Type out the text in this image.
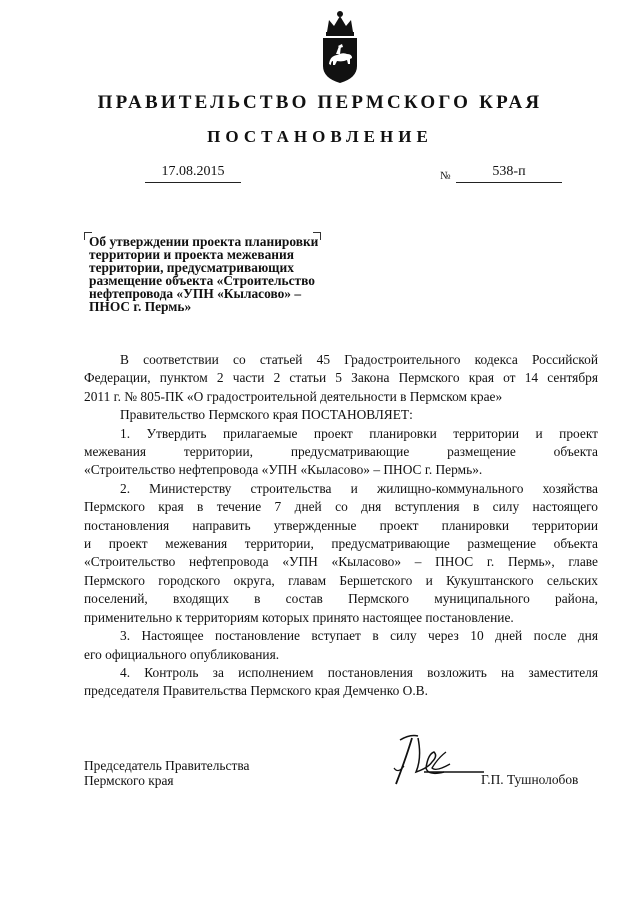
ПРАВИТЕЛЬСТВО ПЕРМСКОГО КРАЯ
ПОСТАНОВЛЕНИЕ
17.08.2015	№	538-п
Об утверждении проекта планировки
территории и проекта межевания
территории, предусматривающих
размещение объекта «Строительство
нефтепровода «УПН «Кыласово» –
ПНОС г. Пермь»

В соответствии со статьей 45 Градостроительного кодекса Российской

Федерации, пунктом 2 части 2 статьи 5 Закона Пермского края от 14 сентября

2011 г. № 805-ПК «О градостроительной деятельности в Пермском крае»

Правительство Пермского края ПОСТАНОВЛЯЕТ:

1. Утвердить прилагаемые проект планировки территории и проект

межевания территории, предусматривающие размещение объекта

«Строительство нефтепровода «УПН «Кыласово» – ПНОС г. Пермь».

2. Министерству строительства и жилищно-коммунального хозяйства

Пермского края в течение 7 дней со дня вступления в силу настоящего

постановления направить утвержденные проект планировки территории

и проект межевания территории, предусматривающие размещение объекта

«Строительство нефтепровода «УПН «Кыласово» – ПНОС г. Пермь», главе

Пермского городского округа, главам Бершетского и Кукуштанского сельских

поселений, входящих в состав Пермского муниципального района,

применительно к территориям которых принято настоящее постановление.

3. Настоящее постановление вступает в силу через 10 дней после дня

его официального опубликования.

4. Контроль за исполнением постановления возложить на заместителя

председателя Правительства Пермского края Демченко О.В.

Председатель Правительства
Пермского края	Г.П. Тушнолобов
